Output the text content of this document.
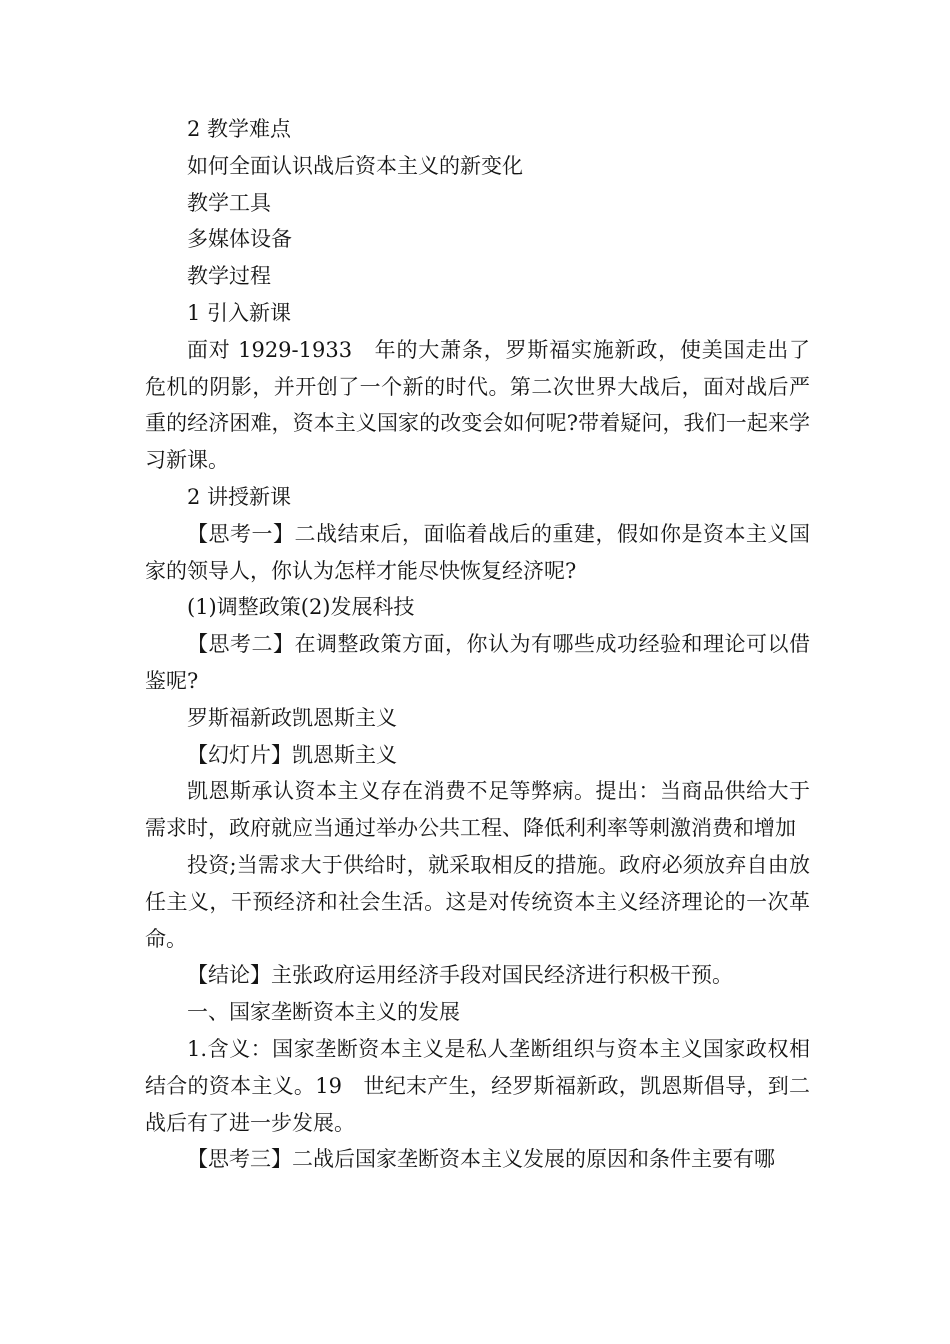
2 教学难点

如何全面认识战后资本主义的新变化

教学工具

多媒体设备

教学过程

1 引入新课

面对 1929-1933　年的大萧条，罗斯福实施新政，使美国走出了危机的阴影，并开创了一个新的时代。第二次世界大战后，面对战后严重的经济困难，资本主义国家的改变会如何呢?带着疑问，我们一起来学习新课。

2 讲授新课

【思考一】二战结束后，面临着战后的重建，假如你是资本主义国家的领导人，你认为怎样才能尽快恢复经济呢?

(1)调整政策(2)发展科技

【思考二】在调整政策方面，你认为有哪些成功经验和理论可以借鉴呢?

罗斯福新政凯恩斯主义

【幻灯片】凯恩斯主义

凯恩斯承认资本主义存在消费不足等弊病。提出：当商品供给大于需求时，政府就应当通过举办公共工程、降低利利率等刺激消费和增加

投资;当需求大于供给时，就采取相反的措施。政府必须放弃自由放任主义，干预经济和社会生活。这是对传统资本主义经济理论的一次革命。

【结论】主张政府运用经济手段对国民经济进行积极干预。

一、国家垄断资本主义的发展

1.含义：国家垄断资本主义是私人垄断组织与资本主义国家政权相结合的资本主义。19　世纪末产生，经罗斯福新政，凯恩斯倡导，到二战后有了进一步发展。

【思考三】二战后国家垄断资本主义发展的原因和条件主要有哪
